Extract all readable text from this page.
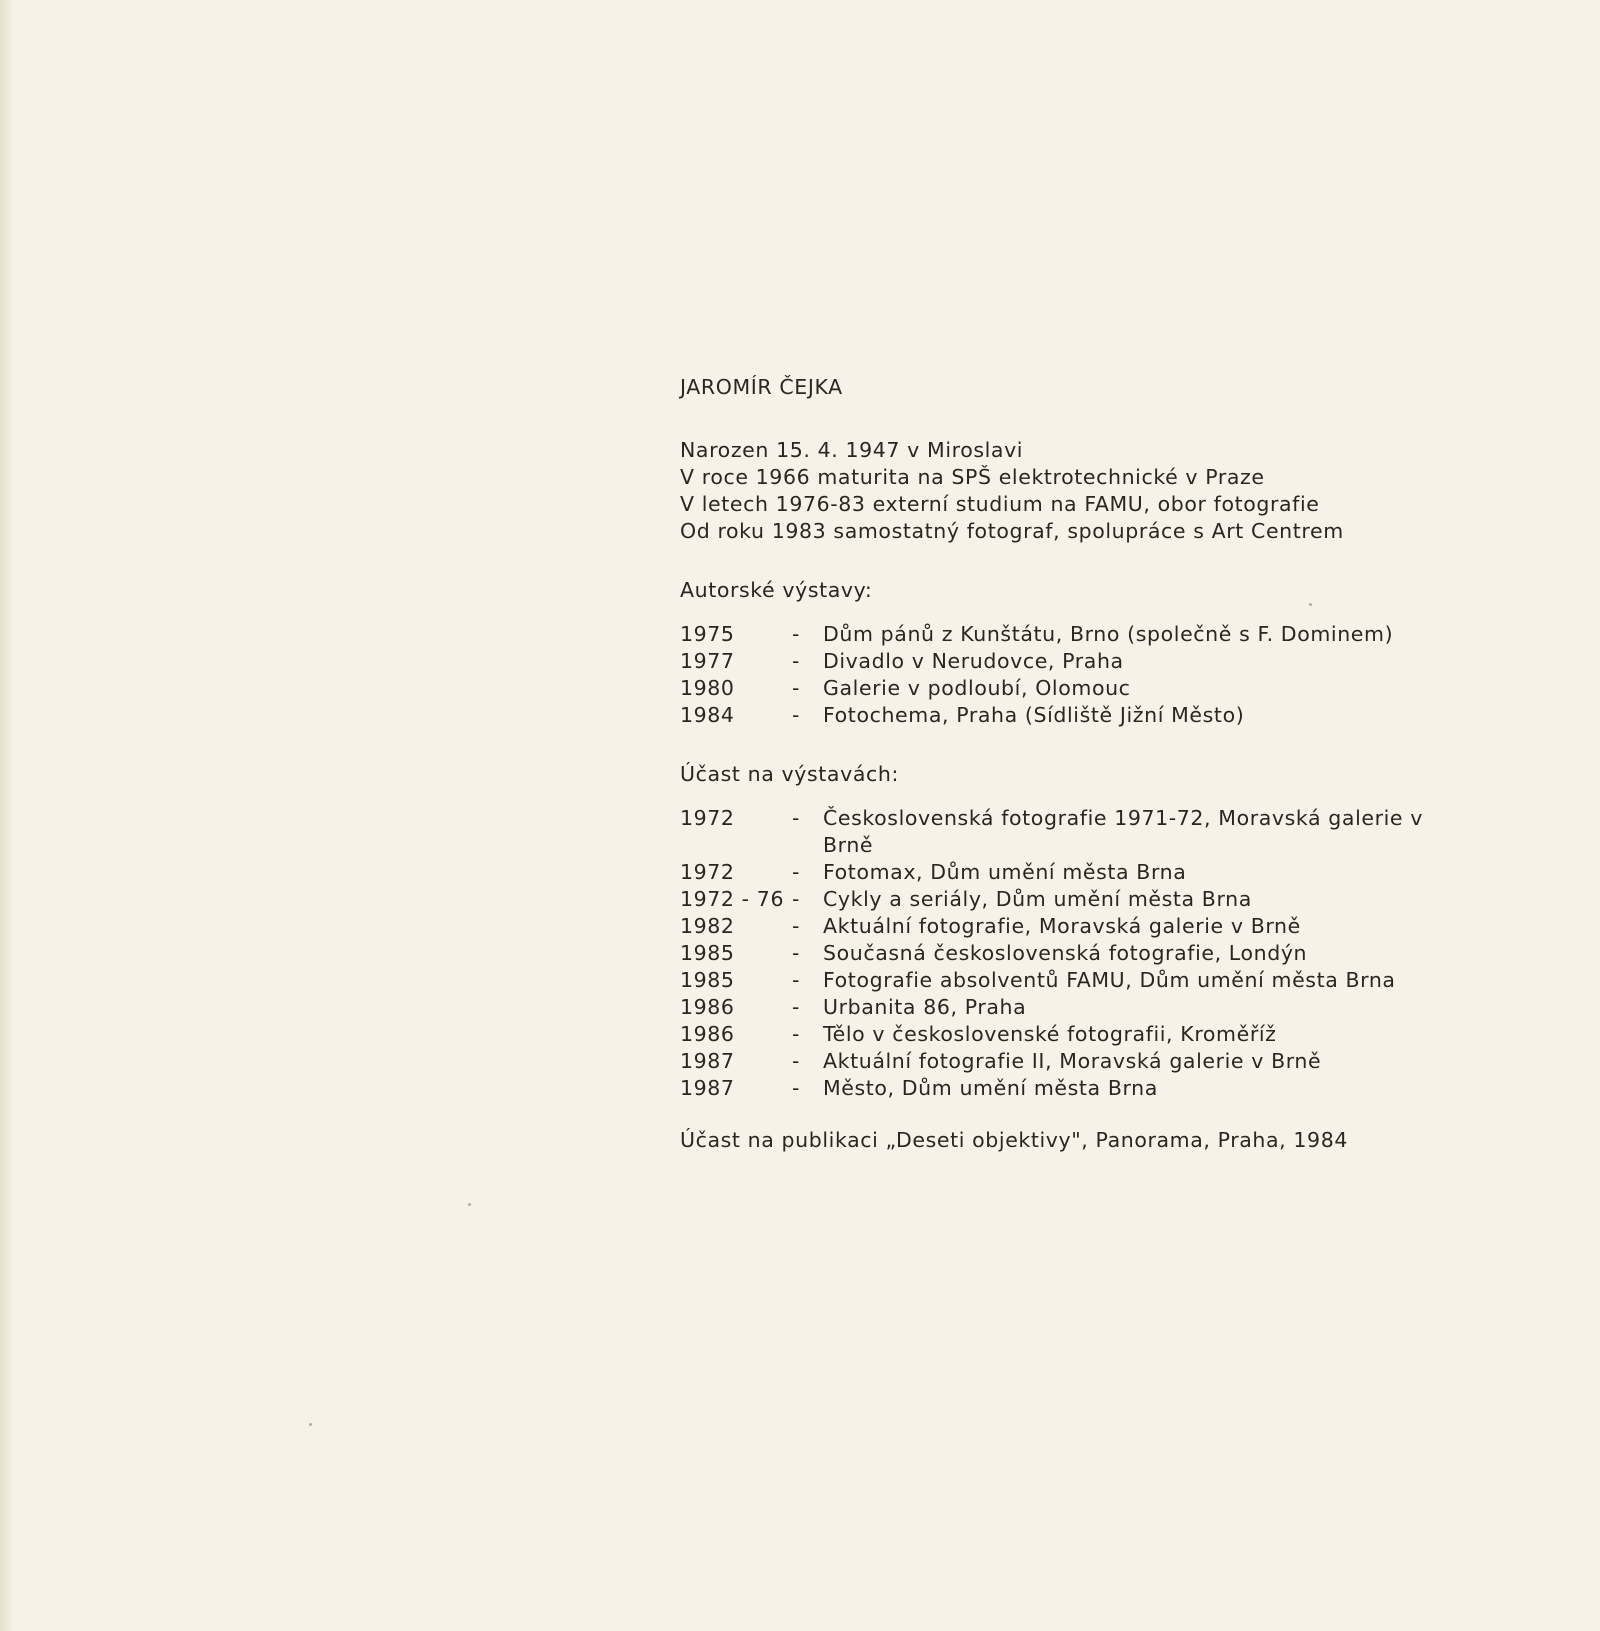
JAROMÍR ČEJKA
Narozen 15. 4. 1947 v Miroslavi
V roce 1966 maturita na SPŠ elektrotechnické v Praze
V letech 1976-83 externí studium na FAMU, obor fotografie
Od roku 1983 samostatný fotograf, spolupráce s Art Centrem
Autorské výstavy:
1975	-	Dům pánů z Kunštátu, Brno (společně s F. Dominem)
1977	-	Divadlo v Nerudovce, Praha
1980	-	Galerie v podloubí, Olomouc
1984	-	Fotochema, Praha (Sídliště Jižní Město)
Účast na výstavách:
1972	-	Československá fotografie 1971-72, Moravská galerie v Brně
1972	-	Fotomax, Dům umění města Brna
1972 - 76 -	Cykly a seriály, Dům umění města Brna
1982	-	Aktuální fotografie, Moravská galerie v Brně
1985	-	Současná československá fotografie, Londýn
1985	-	Fotografie absolventů FAMU, Dům umění města Brna
1986	-	Urbanita 86, Praha
1986	-	Tělo v československé fotografii, Kroměříž
1987	-	Aktuální fotografie II, Moravská galerie v Brně
1987	-	Město, Dům umění města Brna
Účast na publikaci „Deseti objektivy", Panorama, Praha, 1984
